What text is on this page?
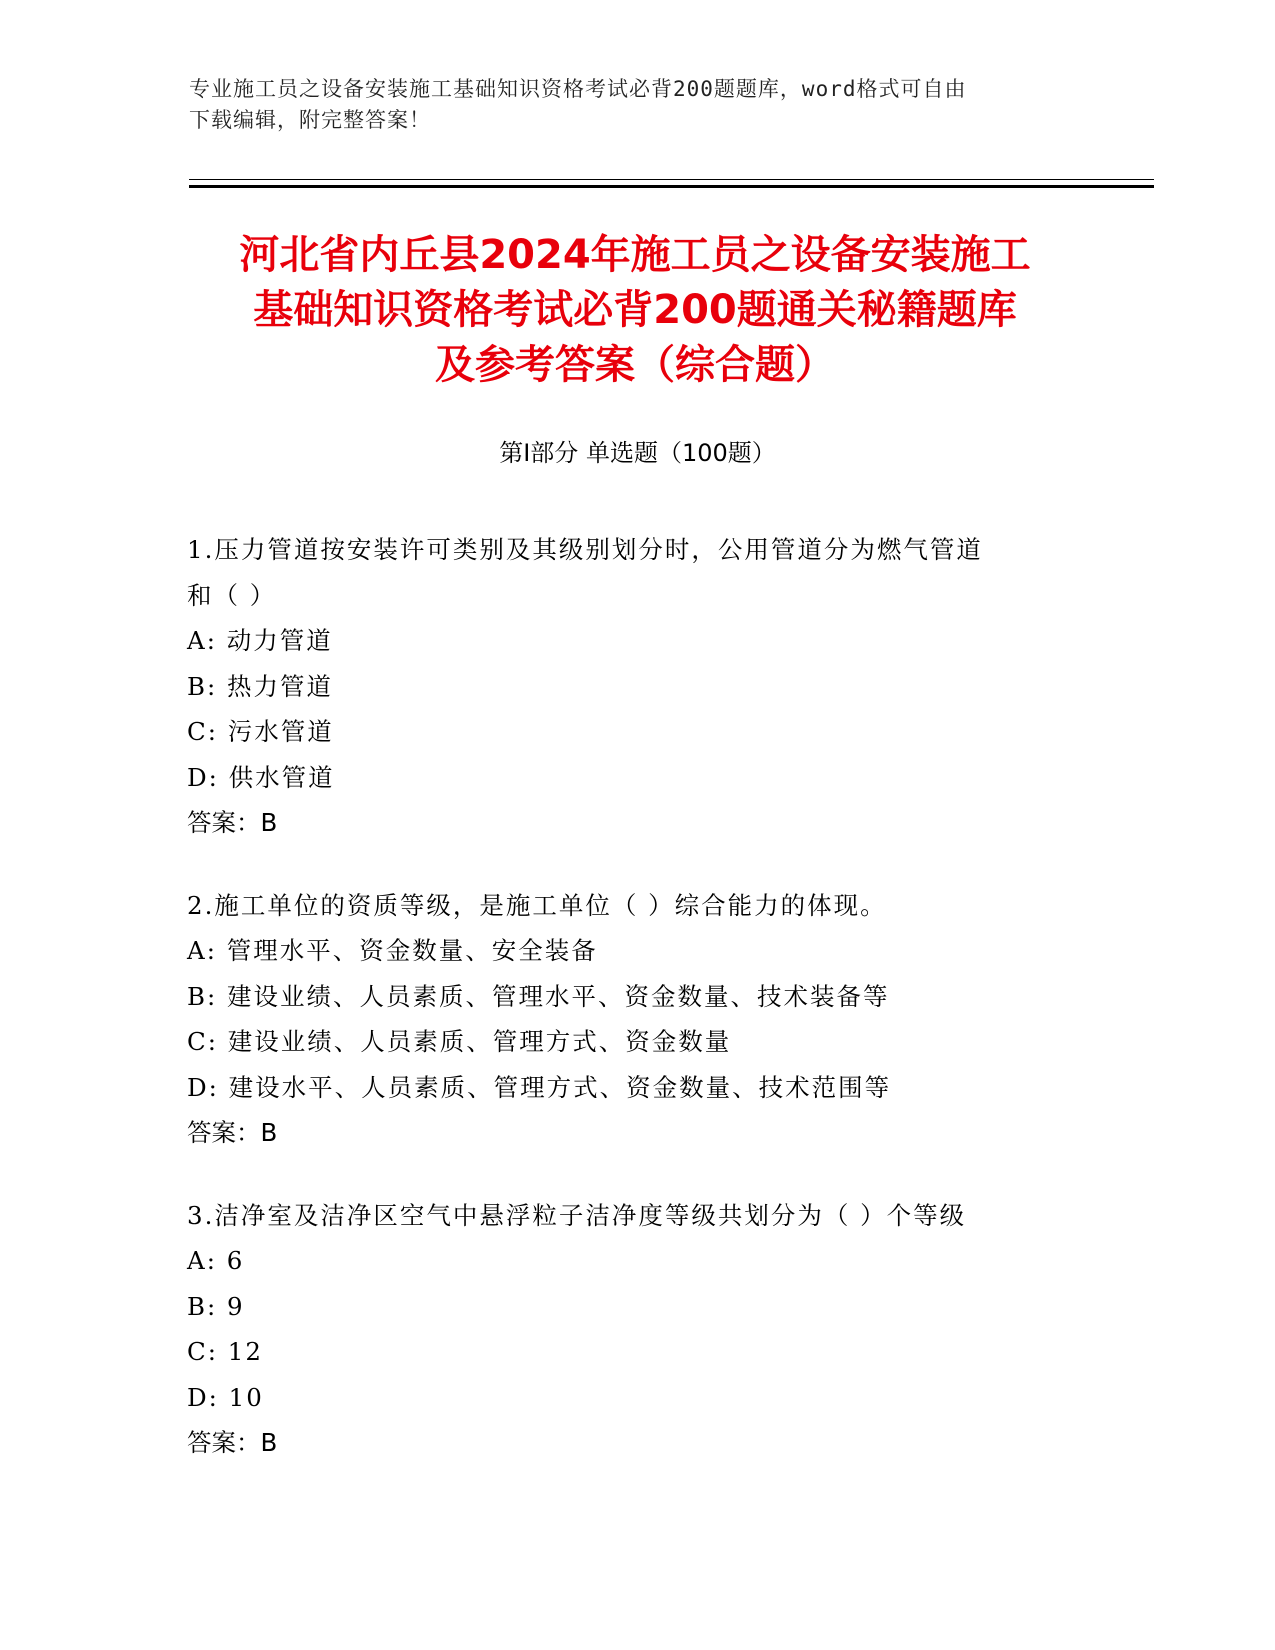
专业施工员之设备安装施工基础知识资格考试必背200题题库，word格式可自由
下载编辑，附完整答案！
河北省内丘县2024年施工员之设备安装施工
基础知识资格考试必背200题通关秘籍题库
及参考答案（综合题）
第Ⅰ部分 单选题（100题）
1.压力管道按安装许可类别及其级别划分时，公用管道分为燃气管道
和（ ）
A: 动力管道
B: 热力管道
C: 污水管道
D: 供水管道
答案：B
2.施工单位的资质等级，是施工单位（ ）综合能力的体现。
A: 管理水平、资金数量、安全装备
B: 建设业绩、人员素质、管理水平、资金数量、技术装备等
C: 建设业绩、人员素质、管理方式、资金数量
D: 建设水平、人员素质、管理方式、资金数量、技术范围等
答案：B
3.洁净室及洁净区空气中悬浮粒子洁净度等级共划分为（ ）个等级
A: 6
B: 9
C: 12
D: 10
答案：B
